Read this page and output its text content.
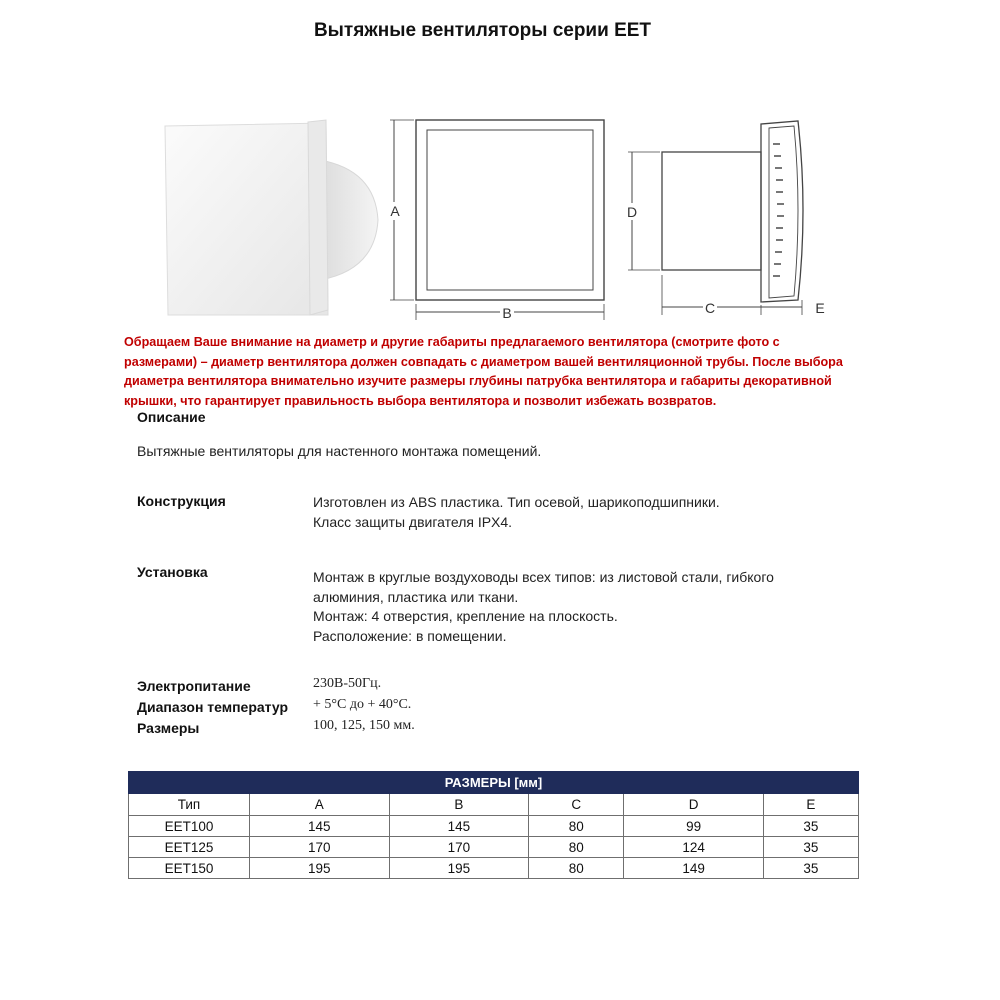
Вытяжные вентиляторы серии EET
A
B
D
C	E

Обращаем Ваше внимание на диаметр и другие габариты предлагаемого вентилятора (смотрите фото с

размерами) – диаметр вентилятора должен совпадать с диаметром вашей вентиляционной трубы. После выбора

диаметра вентилятора внимательно изучите размеры глубины патрубка вентилятора и габариты декоративной

крышки, что гарантирует правильность выбора вентилятора и позволит избежать возвратов.

Описание

Вытяжные вентиляторы для настенного монтажа помещений.

Конструкция	Изготовлен из ABS пластика. Тип осевой, шарикоподшипники.

Класс защиты двигателя IPX4.

Установка	Монтаж в круглые воздуховоды всех типов: из листовой стали, гибкого

алюминия, пластика или ткани.

Монтаж: 4 отверстия, крепление на плоскость.

Расположение: в помещении.

Электропитание	230В-50Гц.
Диапазон температур + 5°С до + 40°С.
Размеры	100, 125, 150 мм.
РАЗМЕРЫ [мм]					
Тип	A	B	C	D	E
EET100	145	145	80	99	35
EET125	170	170	80	124	35
EET150	195	195	80	149	35
